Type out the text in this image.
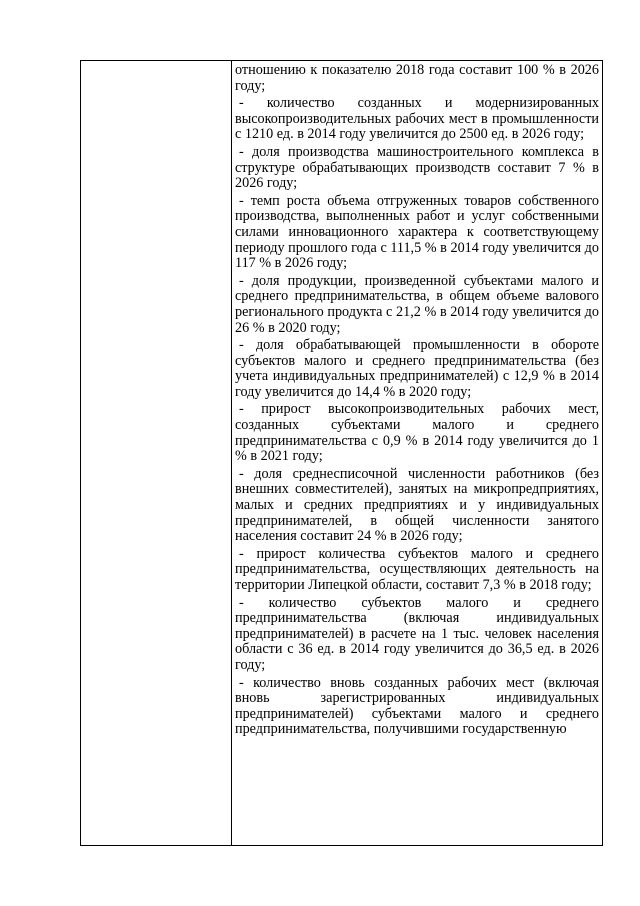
отношению к показателю 2018 года составит 100 % в 2026 году;

- количество созданных и модернизированных высокопроизводительных рабочих мест в промышленности с 1210 ед. в 2014 году увеличится до 2500 ед. в 2026 году;

- доля производства машиностроительного комплекса в структуре обрабатывающих производств составит 7 % в 2026 году;

- темп роста объема отгруженных товаров собственного производства, выполненных работ и услуг собственными силами инновационного характера к соответствующему периоду прошлого года с 111,5 % в 2014 году увеличится до 117 % в 2026 году;

- доля продукции, произведенной субъектами малого и среднего предпринимательства, в общем объеме валового регионального продукта с 21,2 % в 2014 году увеличится до 26 % в 2020 году;

- доля обрабатывающей промышленности в обороте субъектов малого и среднего предпринимательства (без учета индивидуальных предпринимателей) с 12,9 % в 2014 году увеличится до 14,4 % в 2020 году;

- прирост высокопроизводительных рабочих мест, созданных субъектами малого и среднего предпринимательства с 0,9 % в 2014 году увеличится до 1 % в 2021 году;

- доля среднесписочной численности работников (без внешних совместителей), занятых на микропредприятиях, малых и средних предприятиях и у индивидуальных предпринимателей, в общей численности занятого населения составит 24 % в 2026 году;

- прирост количества субъектов малого и среднего предпринимательства, осуществляющих деятельность на территории Липецкой области, составит 7,3 % в 2018 году;

- количество субъектов малого и среднего предпринимательства (включая индивидуальных предпринимателей) в расчете на 1 тыс. человек населения области с 36 ед. в 2014 году увеличится до 36,5 ед. в 2026 году;

- количество вновь созданных рабочих мест (включая вновь зарегистрированных индивидуальных предпринимателей) субъектами малого и среднего предпринимательства, получившими государственную
